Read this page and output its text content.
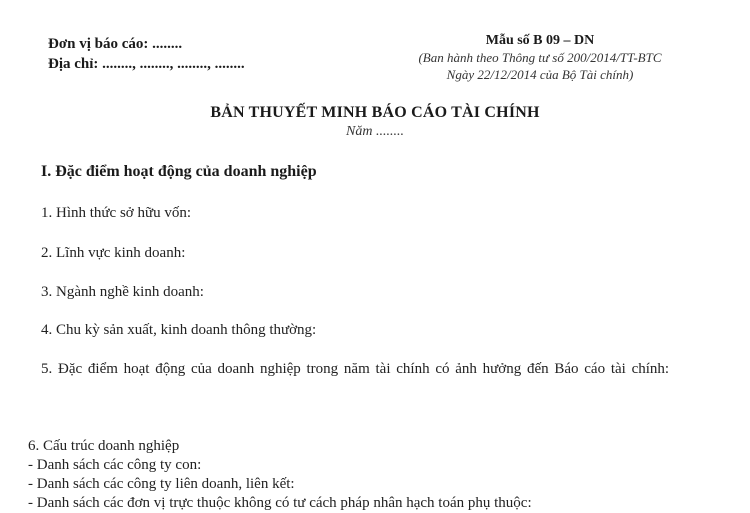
Đơn vị báo cáo: ........
Địa chỉ: ........, ........, ........, ........
Mẫu số B 09 – DN
(Ban hành theo Thông tư số 200/2014/TT-BTC
Ngày 22/12/2014 của Bộ Tài chính)
BẢN THUYẾT MINH BÁO CÁO TÀI CHÍNH
Năm ........
I. Đặc điểm hoạt động của doanh nghiệp
1. Hình thức sở hữu vốn:
2. Lĩnh vực kinh doanh:
3. Ngành nghề kinh doanh:
4. Chu kỳ sản xuất, kinh doanh thông thường:
5. Đặc điểm hoạt động của doanh nghiệp trong năm tài chính có ảnh hưởng đến Báo cáo tài chính:
6. Cấu trúc doanh nghiệp
- Danh sách các công ty con:
- Danh sách các công ty liên doanh, liên kết:
- Danh sách các đơn vị trực thuộc không có tư cách pháp nhân hạch toán phụ thuộc:
